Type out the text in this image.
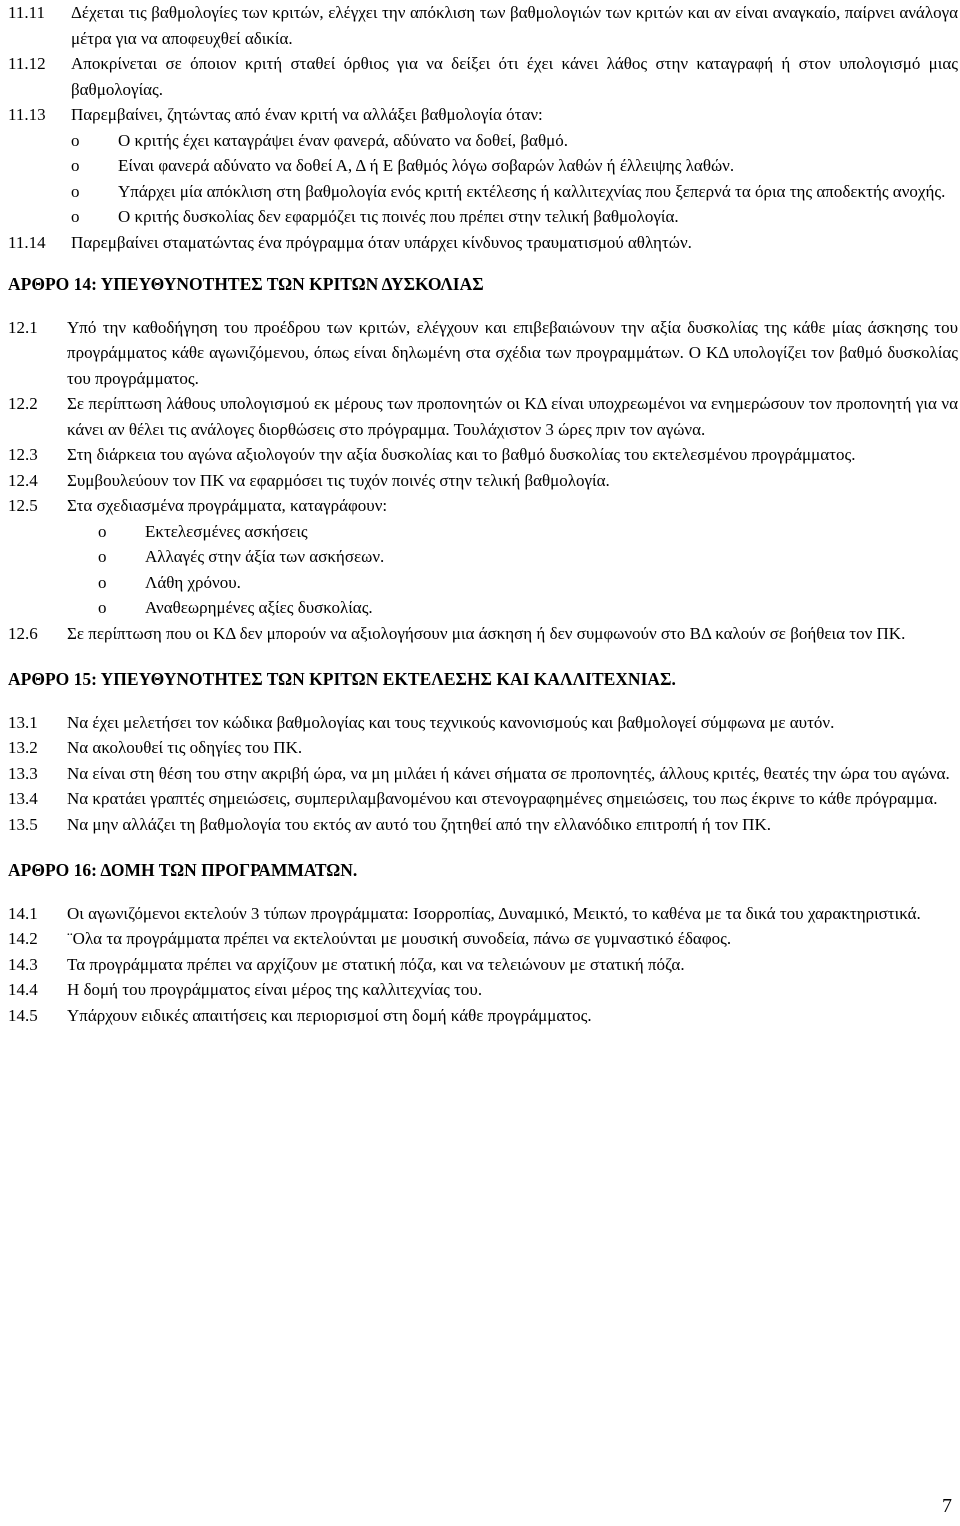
11.11	Δέχεται τις βαθμολογίες των κριτών, ελέγχει την απόκλιση των βαθμολογιών των κριτών και αν είναι αναγκαίο, παίρνει ανάλογα μέτρα για να αποφευχθεί αδικία.
11.12	Αποκρίνεται σε όποιον κριτή σταθεί όρθιος για να δείξει ότι έχει κάνει λάθος στην καταγραφή ή στον υπολογισμό μιας βαθμολογίας.
11.13	Παρεμβαίνει, ζητώντας από έναν κριτή να αλλάξει βαθμολογία όταν:
o	Ο κριτής έχει καταγράψει έναν φανερά, αδύνατο να δοθεί, βαθμό.
o	Είναι φανερά αδύνατο να δοθεί Α, Δ ή Ε βαθμός λόγω σοβαρών λαθών ή έλλειψης λαθών.
o	Υπάρχει μία απόκλιση στη βαθμολογία ενός κριτή εκτέλεσης ή καλλιτεχνίας που ξεπερνά τα όρια της αποδεκτής ανοχής.
o	Ο κριτής δυσκολίας δεν εφαρμόζει τις ποινές που πρέπει στην τελική βαθμολογία.
11.14	Παρεμβαίνει σταματώντας ένα πρόγραμμα όταν υπάρχει κίνδυνος τραυματισμού αθλητών.
ΑΡΘΡΟ 14: ΥΠΕΥΘΥΝΟΤΗΤΕΣ ΤΩΝ ΚΡΙΤΩΝ ΔΥΣΚΟΛΙΑΣ
12.1	Υπό την καθοδήγηση του προέδρου των κριτών, ελέγχουν και επιβεβαιώνουν την αξία δυσκολίας της κάθε μίας άσκησης του προγράμματος κάθε αγωνιζόμενου, όπως είναι δηλωμένη στα σχέδια των προγραμμάτων. Ο ΚΔ υπολογίζει τον βαθμό δυσκολίας του προγράμματος.
12.2	Σε περίπτωση λάθους υπολογισμού εκ μέρους των προπονητών οι ΚΔ είναι υποχρεωμένοι να ενημερώσουν τον προπονητή για να κάνει αν θέλει τις ανάλογες διορθώσεις στο πρόγραμμα. Τουλάχιστον 3 ώρες πριν τον αγώνα.
12.3	Στη διάρκεια του αγώνα αξιολογούν την αξία δυσκολίας και το βαθμό δυσκολίας του εκτελεσμένου προγράμματος.
12.4	Συμβουλεύουν τον ΠΚ να εφαρμόσει τις τυχόν ποινές στην τελική βαθμολογία.
12.5	Στα σχεδιασμένα προγράμματα, καταγράφουν:
o	Εκτελεσμένες ασκήσεις
o	Αλλαγές στην άξία των ασκήσεων.
o	Λάθη χρόνου.
o	Αναθεωρημένες αξίες δυσκολίας.
12.6	Σε περίπτωση που οι ΚΔ δεν μπορούν να αξιολογήσουν μια άσκηση ή δεν συμφωνούν στο ΒΔ καλούν σε βοήθεια τον ΠΚ.
ΑΡΘΡΟ 15: ΥΠΕΥΘΥΝΟΤΗΤΕΣ ΤΩΝ ΚΡΙΤΩΝ ΕΚΤΕΛΕΣΗΣ ΚΑΙ ΚΑΛΛΙΤΕΧΝΙΑΣ.
13.1	Να έχει μελετήσει τον κώδικα βαθμολογίας και τους τεχνικούς κανονισμούς και βαθμολογεί σύμφωνα με αυτόν.
13.2	Να ακολουθεί τις οδηγίες του ΠΚ.
13.3	Να είναι στη θέση του στην ακριβή ώρα, να μη μιλάει ή κάνει σήματα σε προπονητές, άλλους κριτές, θεατές την ώρα του αγώνα.
13.4	Να κρατάει γραπτές σημειώσεις, συμπεριλαμβανομένου και στενογραφημένες σημειώσεις, του πως έκρινε το κάθε πρόγραμμα.
13.5	Να μην αλλάζει τη βαθμολογία του εκτός αν αυτό του ζητηθεί από την ελλανόδικο επιτροπή ή τον ΠΚ.
ΑΡΘΡΟ 16: ΔΟΜΗ ΤΩΝ ΠΡΟΓΡΑΜΜΑΤΩΝ.
14.1	Οι αγωνιζόμενοι εκτελούν 3 τύπων προγράμματα: Ισορροπίας, Δυναμικό, Μεικτό, το καθένα με τα δικά του χαρακτηριστικά.
14.2	¨Ολα τα προγράμματα πρέπει να εκτελούνται με μουσική συνοδεία, πάνω σε γυμναστικό έδαφος.
14.3	Τα προγράμματα πρέπει να αρχίζουν με στατική πόζα, και να τελειώνουν με στατική πόζα.
14.4	Η δομή του προγράμματος είναι μέρος της καλλιτεχνίας του.
14.5	Υπάρχουν ειδικές απαιτήσεις και περιορισμοί στη δομή κάθε προγράμματος.
7
